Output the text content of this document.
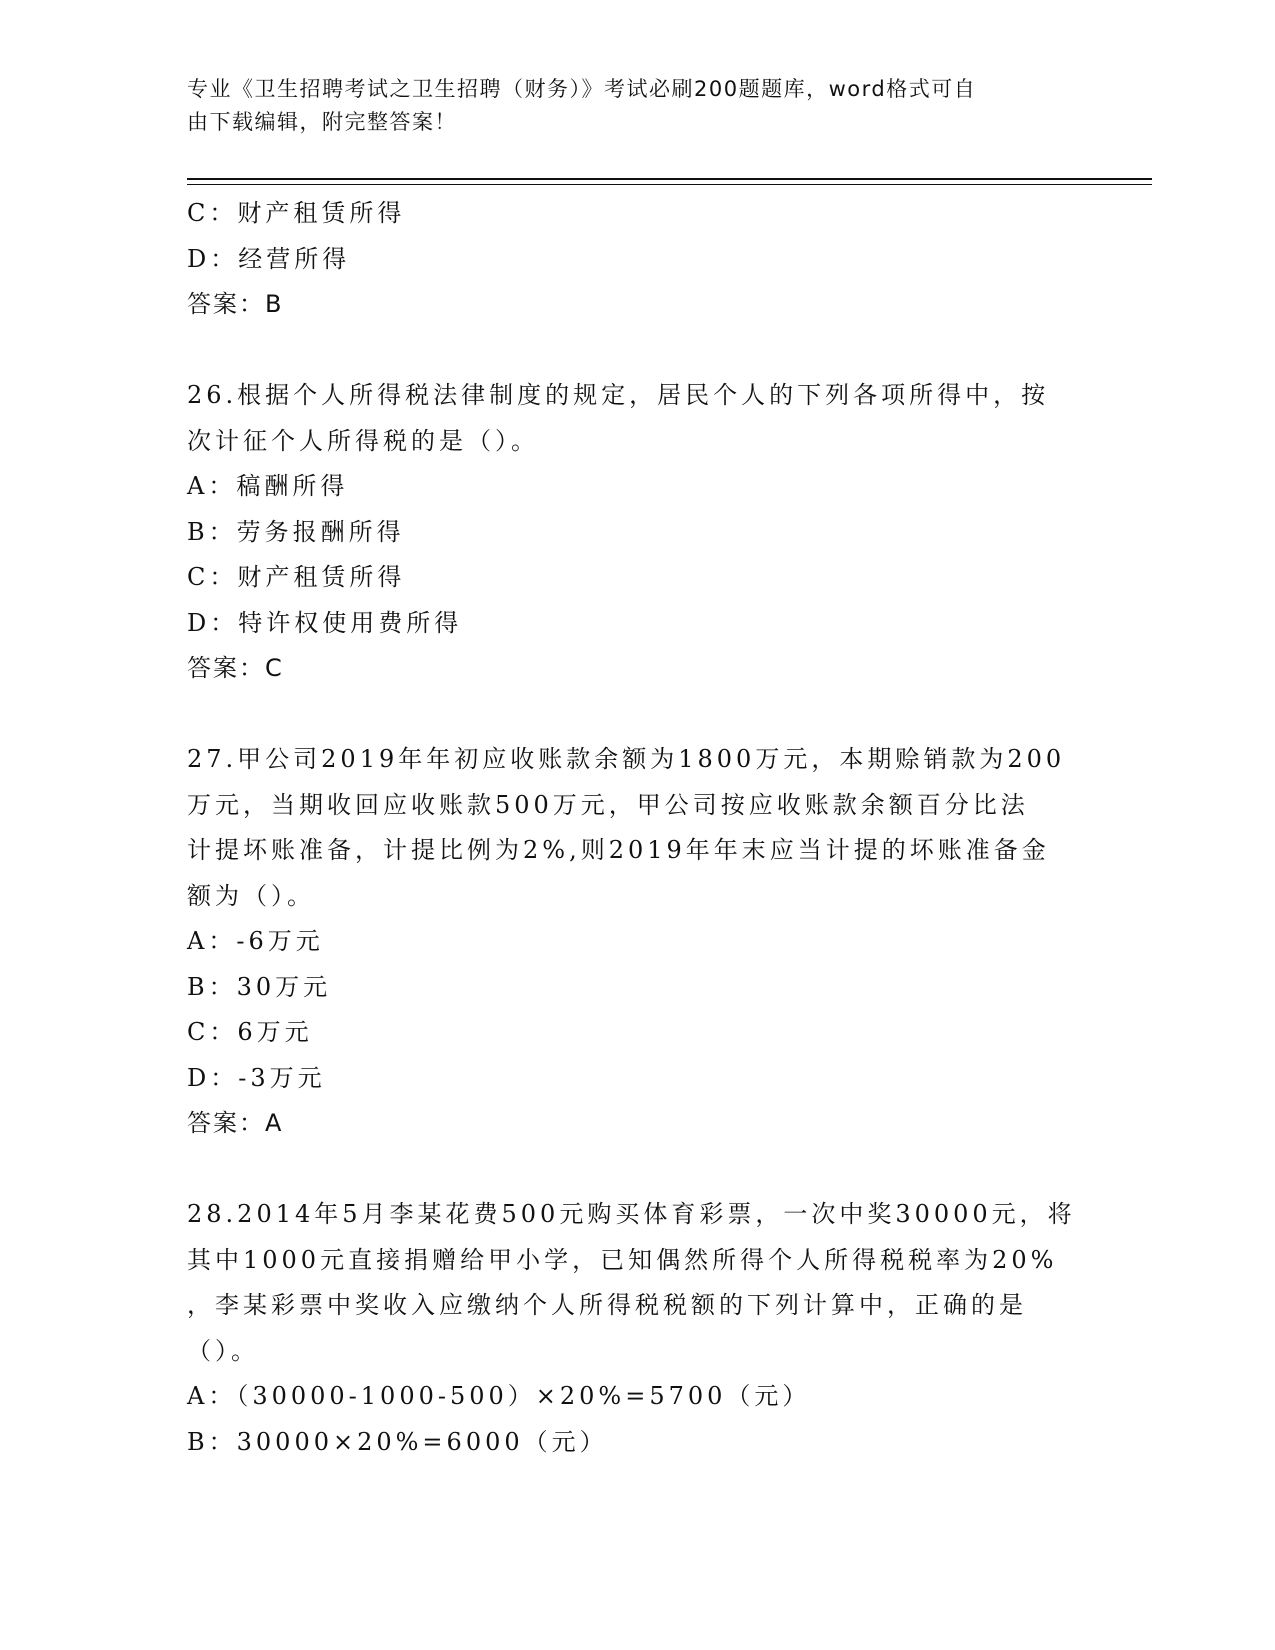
专业《卫生招聘考试之卫生招聘（财务）》考试必刷200题题库，word格式可自
由下载编辑，附完整答案！
C：财产租赁所得
D：经营所得
答案：B
26.根据个人所得税法律制度的规定，居民个人的下列各项所得中，按
次计征个人所得税的是（）。
A：稿酬所得
B：劳务报酬所得
C：财产租赁所得
D：特许权使用费所得
答案：C
27.甲公司2019年年初应收账款余额为1800万元，本期赊销款为200
万元，当期收回应收账款500万元，甲公司按应收账款余额百分比法
计提坏账准备，计提比例为2%,则2019年年末应当计提的坏账准备金
额为（）。
A：-6万元
B：30万元
C：6万元
D：-3万元
答案：A
28.2014年5月李某花费500元购买体育彩票，一次中奖30000元，将
其中1000元直接捐赠给甲小学，已知偶然所得个人所得税税率为20%
，李某彩票中奖收入应缴纳个人所得税税额的下列计算中，正确的是
（）。
A：（30000-1000-500）×20%=5700（元）
B：30000×20%=6000（元）
